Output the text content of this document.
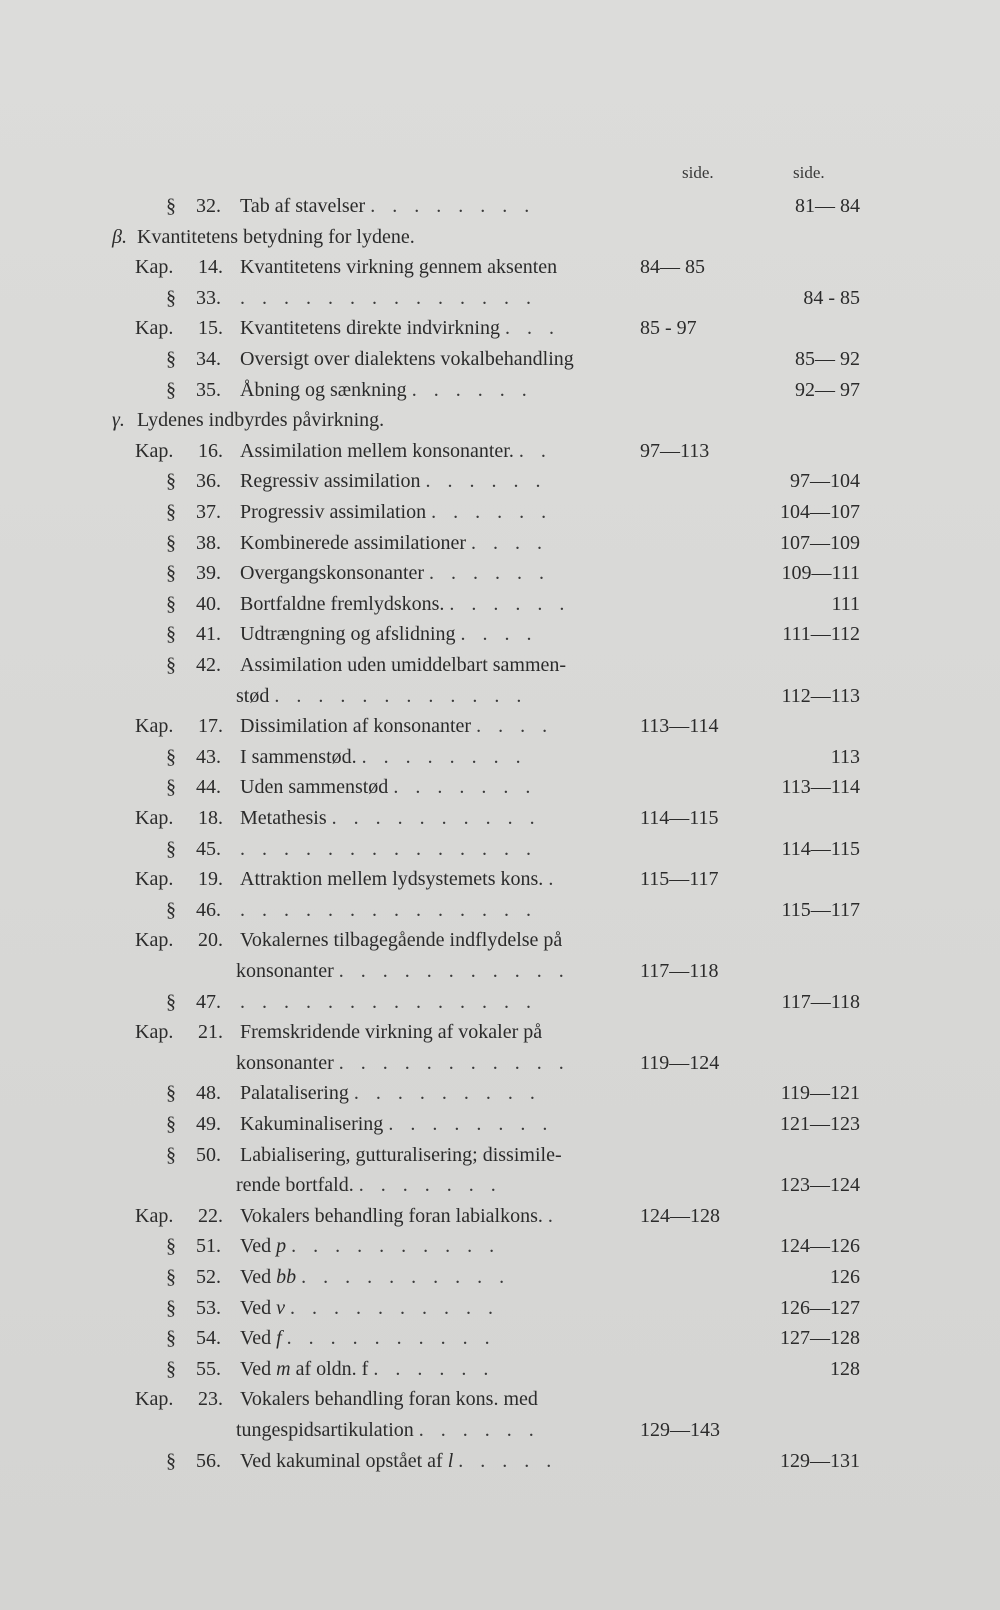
side.	side.
§ 32. Tab af stavelser . . . . . . . .	81— 84
β. Kvantitetens betydning for lydene.
Kap. 14. Kvantitetens virkning gennem aksenten	84— 85
§ 33. . . . . . . . . . . . . . .	84 - 85
Kap. 15. Kvantitetens direkte indvirkning . . .	85 - 97
§ 34. Oversigt over dialektens vokalbehandling	85— 92
§ 35. Åbning og sænkning . . . . . .	92— 97
γ. Lydenes indbyrdes påvirkning.
Kap. 16. Assimilation mellem konsonanter. . .	97—113
§ 36. Regressiv assimilation . . . . . .	97—104
§ 37. Progressiv assimilation . . . . . .	104—107
§ 38. Kombinerede assimilationer . . . .	107—109
§ 39. Overgangskonsonanter . . . . . .	109—111
§ 40. Bortfaldne fremlydskons. . . . . . .	111
§ 41. Udtrængning og afslidning . . . .	111—112
§ 42. Assimilation uden umiddelbart sammen-
stød . . . . . . . . . . . .	112—113
Kap. 17. Dissimilation af konsonanter . . . .	113—114
§ 43. I sammenstød. . . . . . . . .	113
§ 44. Uden sammenstød . . . . . . .	113—114
Kap. 18. Metathesis . . . . . . . . . .	114—115
§ 45. . . . . . . . . . . . . . .	114—115
Kap. 19. Attraktion mellem lydsystemets kons. .	115—117
§ 46. . . . . . . . . . . . . . .	115—117
Kap. 20. Vokalernes tilbagegående indflydelse på
konsonanter . . . . . . . . . . .	117—118
§ 47. . . . . . . . . . . . . . .	117—118
Kap. 21. Fremskridende virkning af vokaler på
konsonanter . . . . . . . . . . .	119—124
§ 48. Palatalisering . . . . . . . . .	119—121
§ 49. Kakuminalisering . . . . . . . .	121—123
§ 50. Labialisering, gutturalisering; dissimile-
rende bortfald. . . . . . . .	123—124
Kap. 22. Vokalers behandling foran labialkons. .	124—128
§ 51. Ved p . . . . . . . . . .	124—126
§ 52. Ved bb . . . . . . . . . .	126
§ 53. Ved v . . . . . . . . . .	126—127
§ 54. Ved f . . . . . . . . . .	127—128
§ 55. Ved m af oldn. f . . . . . .	128
Kap. 23. Vokalers behandling foran kons. med
tungespidsartikulation . . . . . .	129—143
§ 56. Ved kakuminal opstået af l . . . . .	129—131
